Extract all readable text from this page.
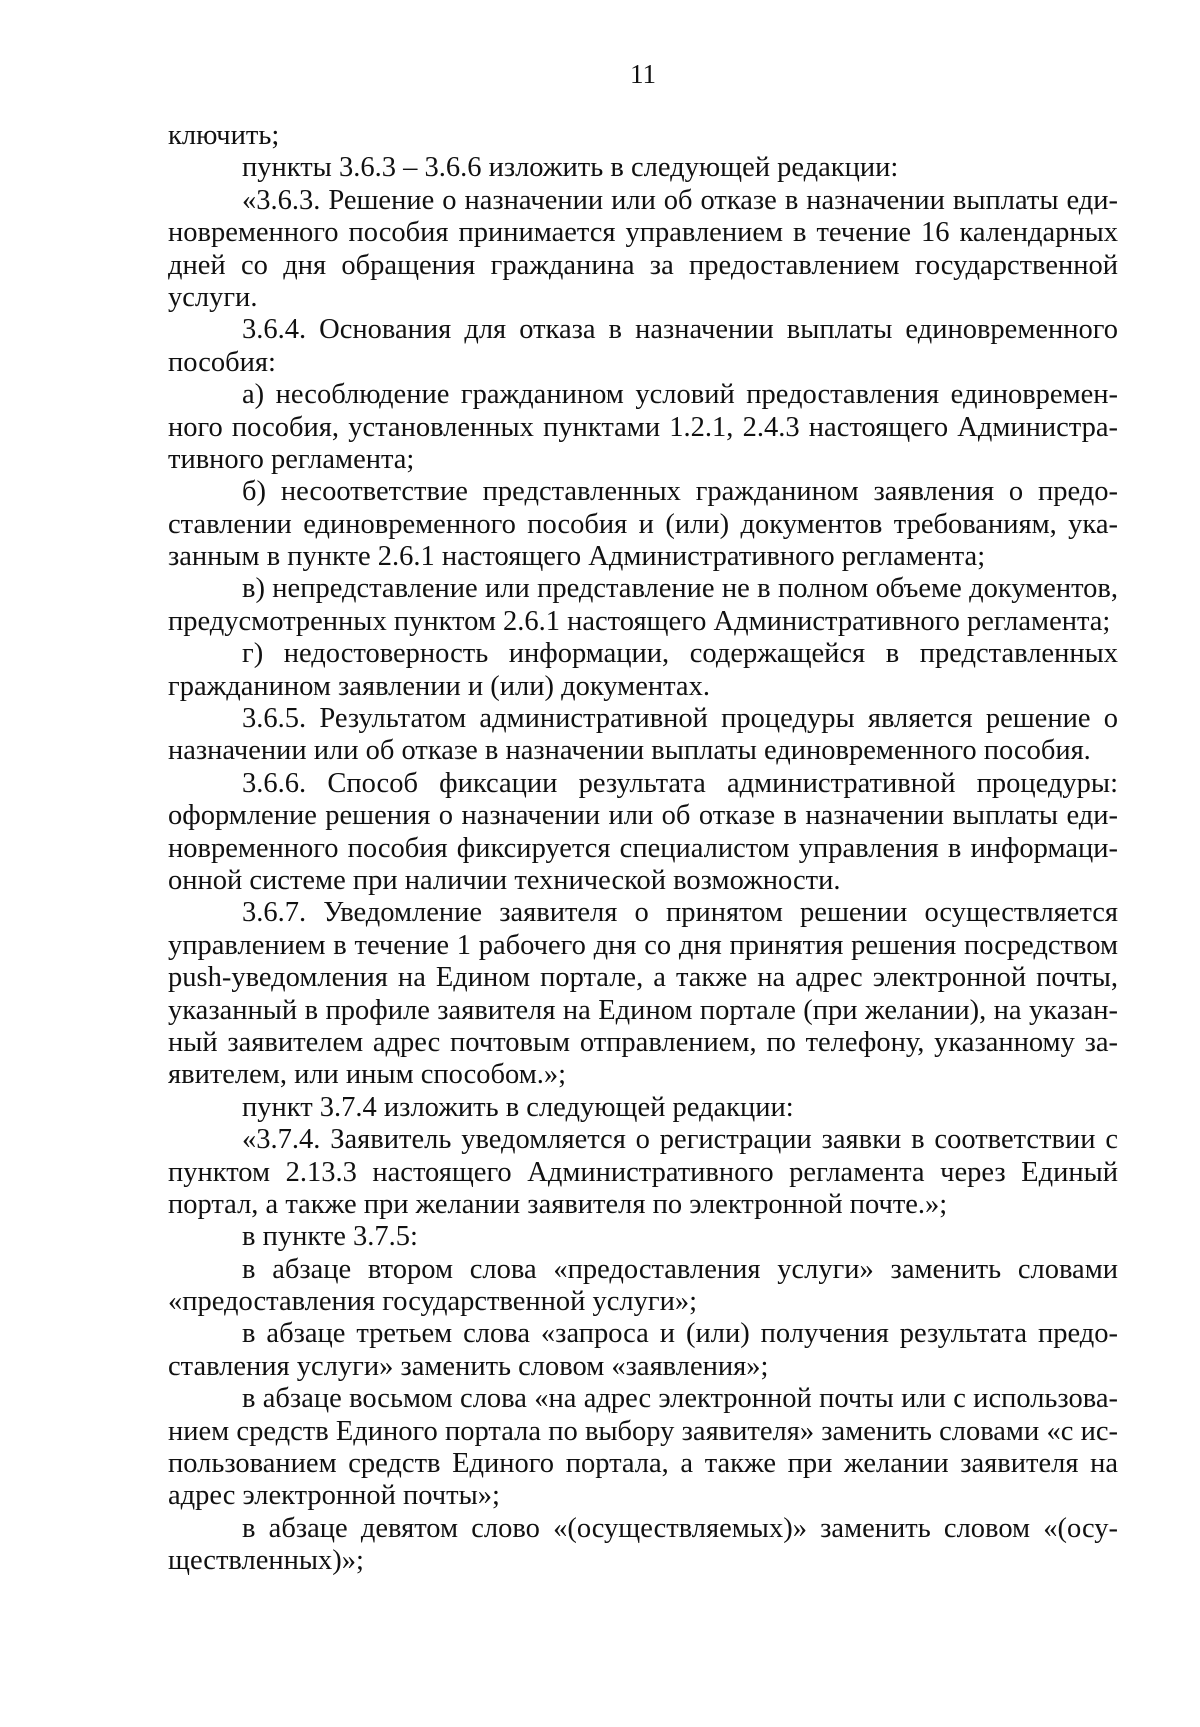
11
ключить;
пункты 3.6.3 – 3.6.6 изложить в следующей редакции:
«3.6.3. Решение о назначении или об отказе в назначении выплаты еди-
новременного пособия принимается управлением в течение 16 календарных
дней со дня обращения гражданина за предоставлением государственной
услуги.
3.6.4. Основания для отказа в назначении выплаты единовременного
пособия:
а) несоблюдение гражданином условий предоставления единовремен-
ного пособия, установленных пунктами 1.2.1, 2.4.3 настоящего Администра-
тивного регламента;
б) несоответствие представленных гражданином заявления о предо-
ставлении единовременного пособия и (или) документов требованиям, ука-
занным в пункте 2.6.1 настоящего Административного регламента;
в) непредставление или представление не в полном объеме документов,
предусмотренных пунктом 2.6.1 настоящего Административного регламента;
г) недостоверность информации, содержащейся в представленных
гражданином заявлении и (или) документах.
3.6.5. Результатом административной процедуры является решение о
назначении или об отказе в назначении выплаты единовременного пособия.
3.6.6. Способ фиксации результата административной процедуры:
оформление решения о назначении или об отказе в назначении выплаты еди-
новременного пособия фиксируется специалистом управления в информаци-
онной системе при наличии технической возможности.
3.6.7. Уведомление заявителя о принятом решении осуществляется
управлением в течение 1 рабочего дня со дня принятия решения посредством
push-уведомления на Едином портале, а также на адрес электронной почты,
указанный в профиле заявителя на Едином портале (при желании), на указан-
ный заявителем адрес почтовым отправлением, по телефону, указанному за-
явителем, или иным способом.»;
пункт 3.7.4 изложить в следующей редакции:
«3.7.4. Заявитель уведомляется о регистрации заявки в соответствии с
пунктом 2.13.3 настоящего Административного регламента через Единый
портал, а также при желании заявителя по электронной почте.»;
в пункте 3.7.5:
в абзаце втором слова «предоставления услуги» заменить словами
«предоставления государственной услуги»;
в абзаце третьем слова «запроса и (или) получения результата предо-
ставления услуги» заменить словом «заявления»;
в абзаце восьмом слова «на адрес электронной почты или с использова-
нием средств Единого портала по выбору заявителя» заменить словами «с ис-
пользованием средств Единого портала, а также при желании заявителя на
адрес электронной почты»;
в абзаце девятом слово «(осуществляемых)» заменить словом «(осу-
ществленных)»;
